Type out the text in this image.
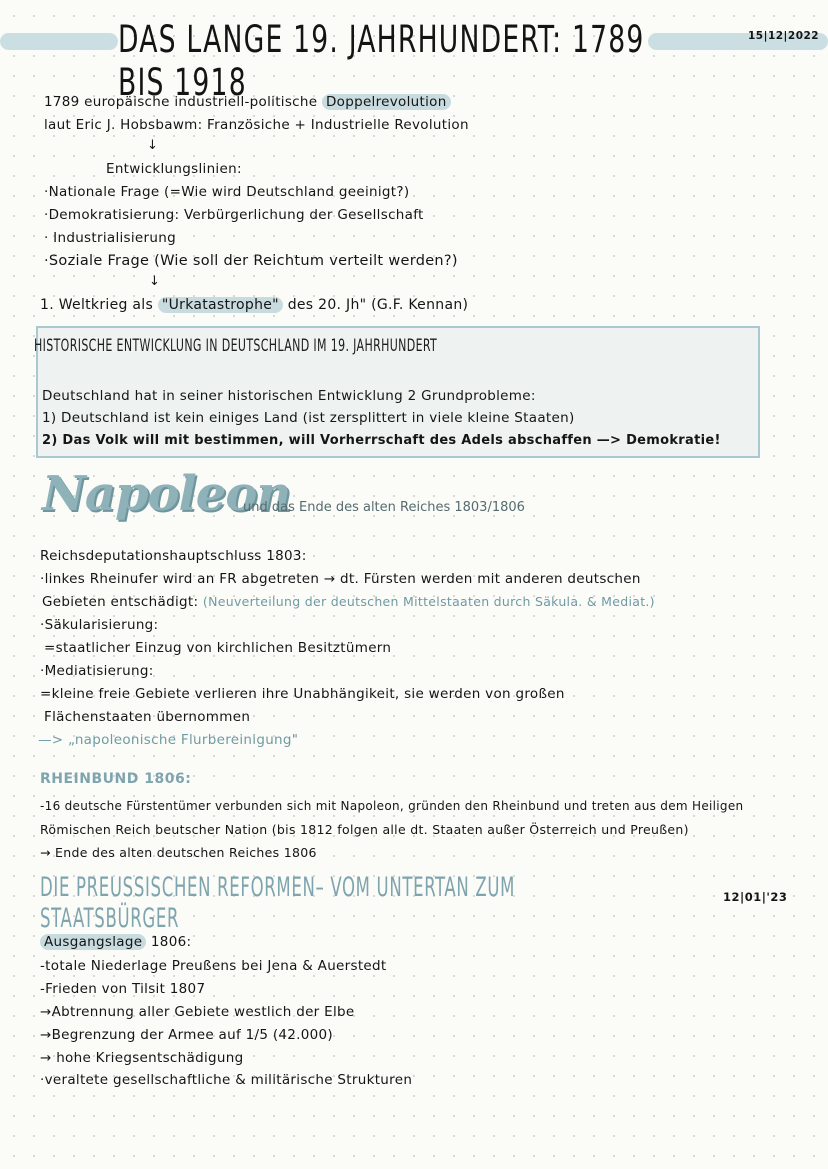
DAS LANGE 19. JAHRHUNDERT: 1789 BIS 1918
15|12|2022
1789 europäische industriell-politische Doppelrevolution
laut Eric J. Hobsbawm: Französiche + Industrielle Revolution
↓
Entwicklungslinien:
·Nationale Frage (=Wie wird Deutschland geeinigt?)
·Demokratisierung: Verbürgerlichung der Gesellschaft
· Industrialisierung
·Soziale Frage (Wie soll der Reichtum verteilt werden?)
↓
1. Weltkrieg als "Urkatastrophe" des 20. Jh" (G.F. Kennan)
HISTORISCHE ENTWICKLUNG IN DEUTSCHLAND IM 19. JAHRHUNDERT
Deutschland hat in seiner historischen Entwicklung 2 Grundprobleme:
1) Deutschland ist kein einiges Land (ist zersplittert in viele kleine Staaten)
2) Das Volk will mit bestimmen, will Vorherrschaft des Adels abschaffen —> Demokratie!
Napoleon
und das Ende des alten Reiches 1803/1806
Reichsdeputationshauptschluss 1803:
·linkes Rheinufer wird an FR abgetreten → dt. Fürsten werden mit anderen deutschen
Gebieten entschädigt: (Neuverteilung der deutschen Mittelstaaten durch Säkula. & Mediat.)
·Säkularisierung:
=staatlicher Einzug von kirchlichen Besitztümern
·Mediatisierung:
=kleine freie Gebiete verlieren ihre Unabhängikeit, sie werden von großen
Flächenstaaten übernommen
—> „napoleonische Flurbereinigung"
RHEINBUND 1806:
-16 deutsche Fürstentümer verbunden sich mit Napoleon, gründen den Rheinbund und treten aus dem Heiligen
Römischen Reich beutscher Nation (bis 1812 folgen alle dt. Staaten außer Österreich und Preußen)
→ Ende des alten deutschen Reiches 1806
DIE PREUSSISCHEN REFORMEN– VOM UNTERTAN ZUM STAATSBÜRGER
12|01|'23
Ausgangslage 1806:
-totale Niederlage Preußens bei Jena & Auerstedt
-Frieden von Tilsit 1807
→Abtrennung aller Gebiete westlich der Elbe
→Begrenzung der Armee auf 1/5 (42.000)
→ hohe Kriegsentschädigung
·veraltete gesellschaftliche & militärische Strukturen
